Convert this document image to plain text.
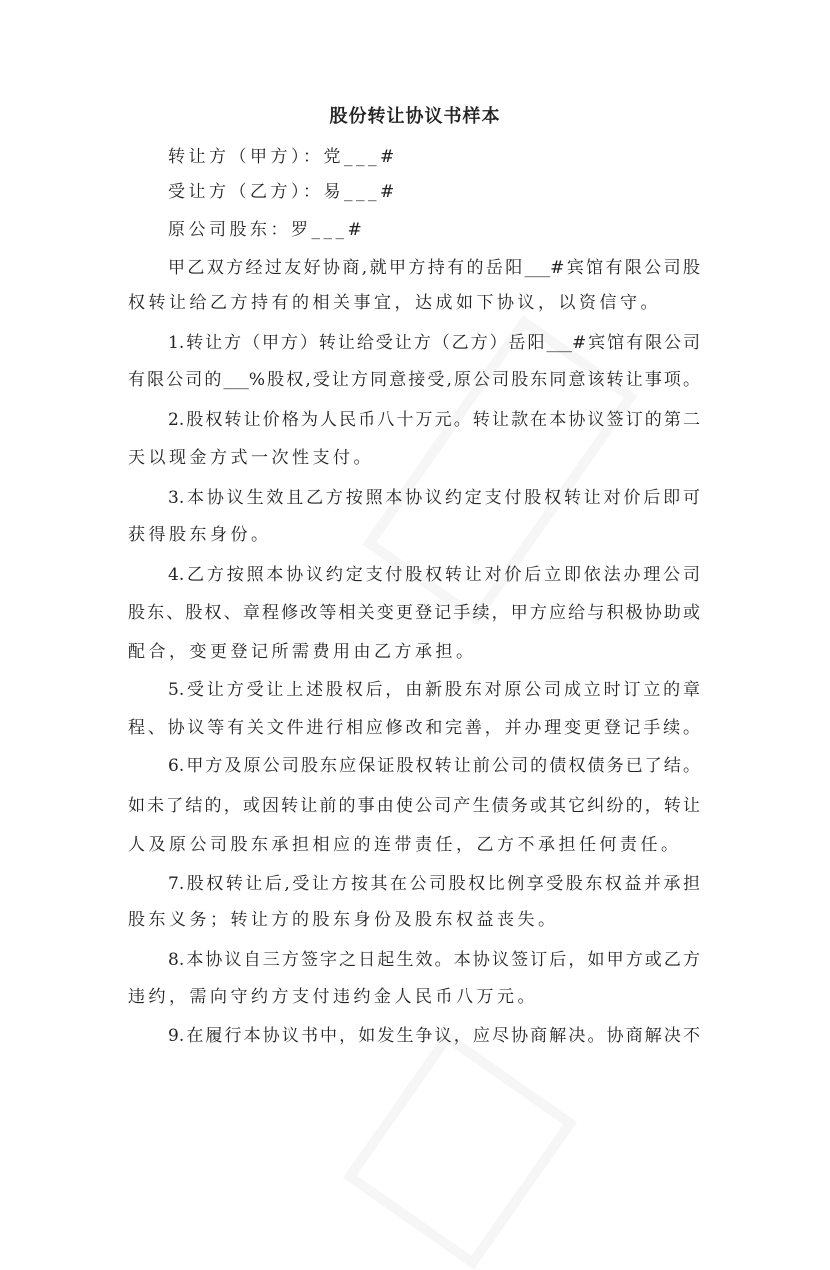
股份转让协议书样本
转让方（甲方）：党___#
受让方（乙方）：易___#
原公司股东：罗___#
甲乙双方经过友好协商,就甲方持有的岳阳___#宾馆有限公司股
权转让给乙方持有的相关事宜，达成如下协议，以资信守。
1.转让方（甲方）转让给受让方（乙方）岳阳___#宾馆有限公司
有限公司的___%股权,受让方同意接受,原公司股东同意该转让事项。
2.股权转让价格为人民币八十万元。转让款在本协议签订的第二
天以现金方式一次性支付。
3.本协议生效且乙方按照本协议约定支付股权转让对价后即可
获得股东身份。
4.乙方按照本协议约定支付股权转让对价后立即依法办理公司
股东、股权、章程修改等相关变更登记手续，甲方应给与积极协助或
配合，变更登记所需费用由乙方承担。
5.受让方受让上述股权后，由新股东对原公司成立时订立的章
程、协议等有关文件进行相应修改和完善，并办理变更登记手续。
6.甲方及原公司股东应保证股权转让前公司的债权债务已了结。
如未了结的，或因转让前的事由使公司产生债务或其它纠纷的，转让
人及原公司股东承担相应的连带责任，乙方不承担任何责任。
7.股权转让后,受让方按其在公司股权比例享受股东权益并承担
股东义务；转让方的股东身份及股东权益丧失。
8.本协议自三方签字之日起生效。本协议签订后，如甲方或乙方
违约，需向守约方支付违约金人民币八万元。
9.在履行本协议书中，如发生争议，应尽协商解决。协商解决不
